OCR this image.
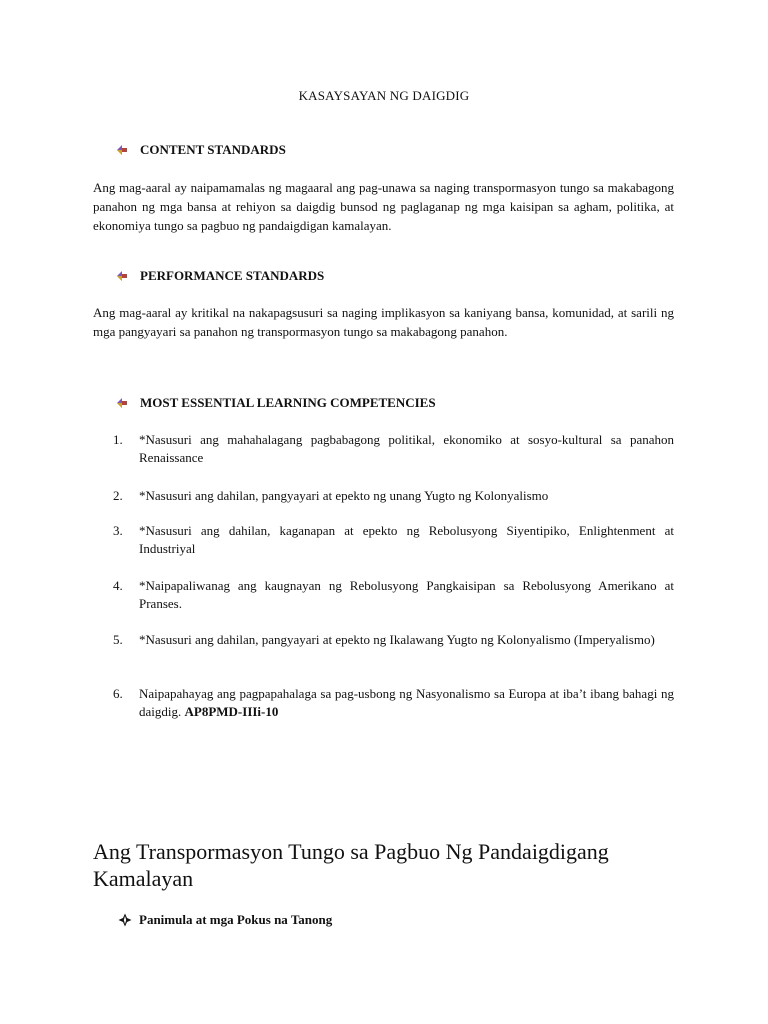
KASAYSAYAN NG DAIGDIG
CONTENT STANDARDS
Ang mag-aaral ay naipamamalas ng magaaral ang pag-unawa sa naging transpormasyon tungo sa makabagong panahon ng mga bansa at rehiyon sa daigdig bunsod ng paglaganap ng mga kaisipan sa agham, politika, at ekonomiya tungo sa pagbuo ng pandaigdigan kamalayan.
PERFORMANCE STANDARDS
Ang mag-aaral ay kritikal na nakapagsusuri sa naging implikasyon sa kaniyang bansa, komunidad, at sarili ng mga pangyayari sa panahon ng transpormasyon tungo sa makabagong panahon.
MOST ESSENTIAL LEARNING COMPETENCIES
1.	*Nasusuri ang mahahalagang pagbabagong politikal, ekonomiko at sosyo-kultural sa panahon Renaissance
2.	*Nasusuri ang dahilan, pangyayari at epekto ng unang Yugto ng Kolonyalismo
3.	*Nasusuri ang dahilan, kaganapan at epekto ng Rebolusyong Siyentipiko, Enlightenment at Industriyal
4.	*Naipapaliwanag ang kaugnayan ng Rebolusyong Pangkaisipan sa Rebolusyong Amerikano at Pranses.
5.	*Nasusuri ang dahilan, pangyayari at epekto ng Ikalawang Yugto ng Kolonyalismo (Imperyalismo)
6.	Naipapahayag ang pagpapahalaga sa pag-usbong ng Nasyonalismo sa Europa at iba’t ibang bahagi ng daigdig. AP8PMD-IIIi-10
Ang Transpormasyon Tungo sa Pagbuo Ng Pandaigdigang Kamalayan
Panimula at mga Pokus na Tanong
